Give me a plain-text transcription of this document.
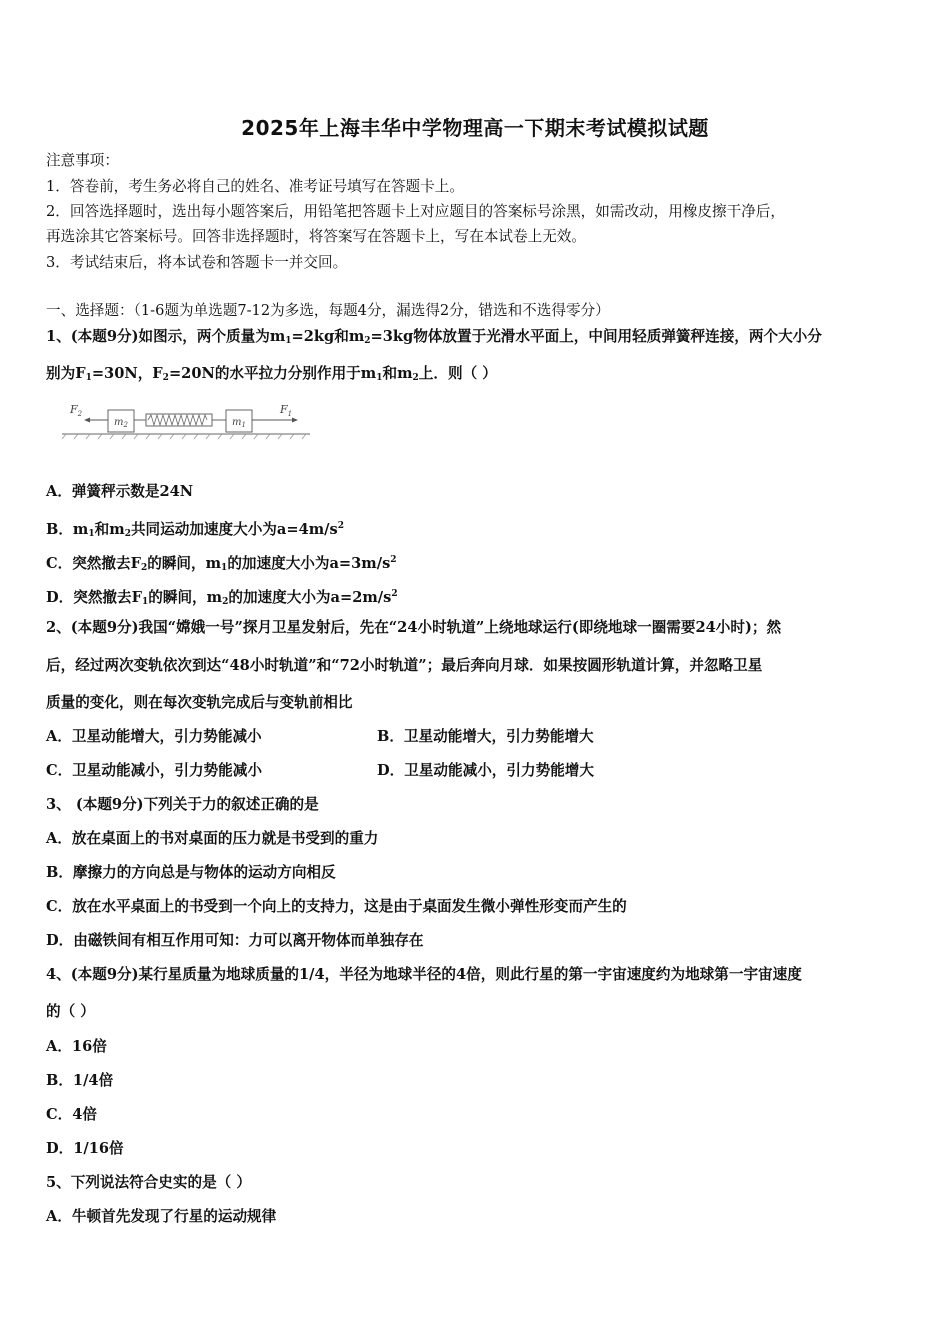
2025年上海丰华中学物理高一下期末考试模拟试题
注意事项：
1．答卷前，考生务必将自己的姓名、准考证号填写在答题卡上。
2．回答选择题时，选出每小题答案后，用铅笔把答题卡上对应题目的答案标号涂黑，如需改动，用橡皮擦干净后，
再选涂其它答案标号。回答非选择题时，将答案写在答题卡上，写在本试卷上无效。
3．考试结束后，将本试卷和答题卡一并交回。
一、选择题：（1-6题为单选题7-12为多选，每题4分，漏选得2分，错选和不选得零分）
1、(本题9分)如图示，两个质量为$m_1=2kg$和$m_2=3kg$物体放置于光滑水平面上，中间用轻质弹簧秤连接，两个大小分
别为$F_1=30N$，$F_2=20N$的水平拉力分别作用于$m_1$和$m_2$上．则（ ）
$F_2$
$m_2$	$m_1$
$F_1$
A．弹簧秤示数是24N
B．$m_1$和$m_2$共同运动加速度大小为$a=4m/s^2$
C．突然撤去$F_2$的瞬间，$m_1$的加速度大小为$a=3m/s^2$
D．突然撤去$F_1$的瞬间，$m_2$的加速度大小为$a=2m/s^2$
2、(本题9分)我国“嫦娥一号”探月卫星发射后，先在“24小时轨道”上绕地球运行(即绕地球一圈需要24小时)；然
后，经过两次变轨依次到达“48小时轨道”和“72小时轨道”；最后奔向月球．如果按圆形轨道计算，并忽略卫星
质量的变化，则在每次变轨完成后与变轨前相比
A．卫星动能增大，引力势能减小	B．卫星动能增大，引力势能增大
C．卫星动能减小，引力势能减小	D．卫星动能减小，引力势能增大
3、 (本题9分)下列关于力的叙述正确的是
A．放在桌面上的书对桌面的压力就是书受到的重力
B．摩擦力的方向总是与物体的运动方向相反
C．放在水平桌面上的书受到一个向上的支持力，这是由于桌面发生微小弹性形变而产生的
D．由磁铁间有相互作用可知：力可以离开物体而单独存在
4、(本题9分)某行星质量为地球质量的1/4，半径为地球半径的4倍，则此行星的第一宇宙速度约为地球第一宇宙速度
的（ ）
A．16倍
B．1/4倍
C．4倍
D．1/16倍
5、下列说法符合史实的是（ ）
A．牛顿首先发现了行星的运动规律
